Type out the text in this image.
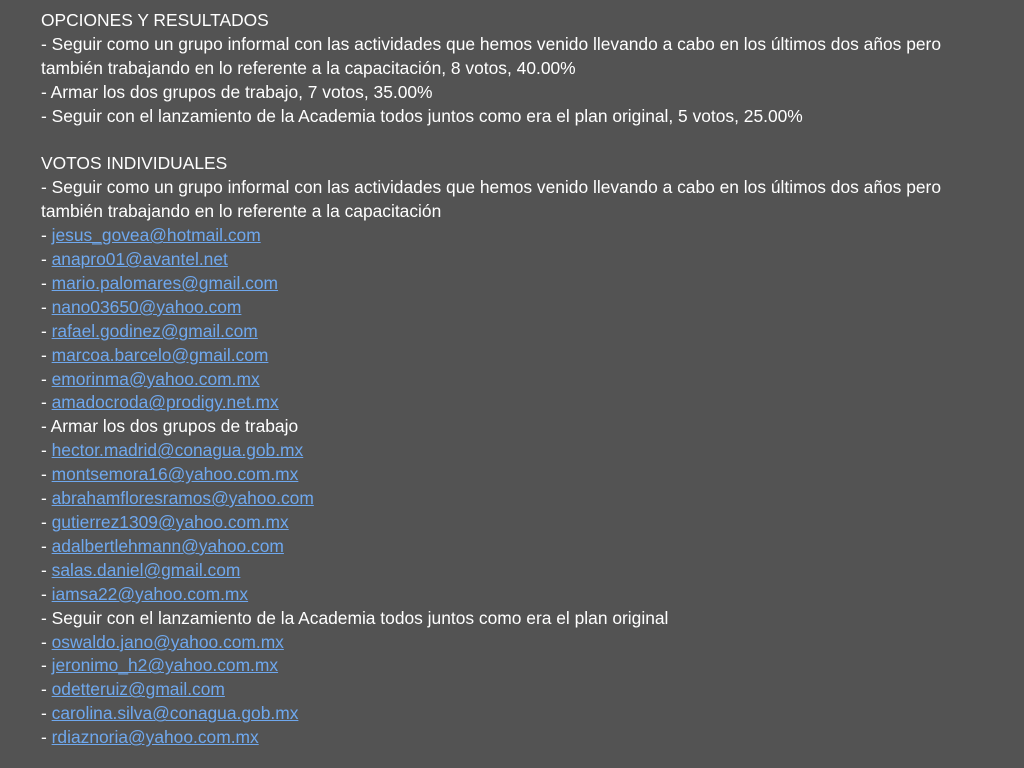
OPCIONES Y RESULTADOS

- Seguir como un grupo informal con las actividades que hemos venido llevando a cabo en los últimos dos años pero también trabajando en lo referente a la capacitación, 8 votos, 40.00%

- Armar los dos grupos de trabajo, 7 votos, 35.00%

- Seguir con el lanzamiento de la Academia todos juntos como era el plan original, 5 votos, 25.00%

VOTOS INDIVIDUALES

- Seguir como un grupo informal con las actividades que hemos venido llevando a cabo en los últimos dos años pero también trabajando en lo referente a la capacitación

- jesus_govea@hotmail.com

- anapro01@avantel.net

- mario.palomares@gmail.com

- nano03650@yahoo.com

- rafael.godinez@gmail.com

- marcoa.barcelo@gmail.com

- emorinma@yahoo.com.mx

- amadocroda@prodigy.net.mx

- Armar los dos grupos de trabajo

- hector.madrid@conagua.gob.mx

- montsemora16@yahoo.com.mx

- abrahamfloresramos@yahoo.com

- gutierrez1309@yahoo.com.mx

- adalbertlehmann@yahoo.com

- salas.daniel@gmail.com

- iamsa22@yahoo.com.mx

- Seguir con el lanzamiento de la Academia todos juntos como era el plan original

- oswaldo.jano@yahoo.com.mx

- jeronimo_h2@yahoo.com.mx

- odetteruiz@gmail.com

- carolina.silva@conagua.gob.mx

- rdiaznoria@yahoo.com.mx
